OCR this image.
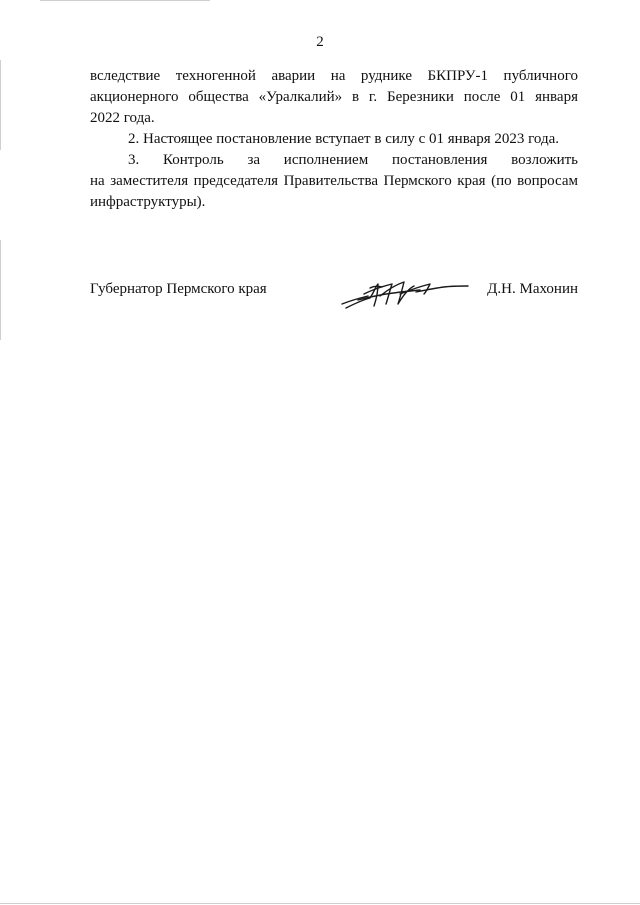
2

вследствие техногенной аварии на руднике БКПРУ-1 публичного

акционерного общества «Уралкалий» в г. Березники после 01 января

2022 года.

2. Настоящее постановление вступает в силу с 01 января 2023 года.

3. Контроль за исполнением постановления возложить

на заместителя председателя Правительства Пермского края (по вопросам инфраструктуры).

Губернатор Пермского края	Д.Н. Махонин
